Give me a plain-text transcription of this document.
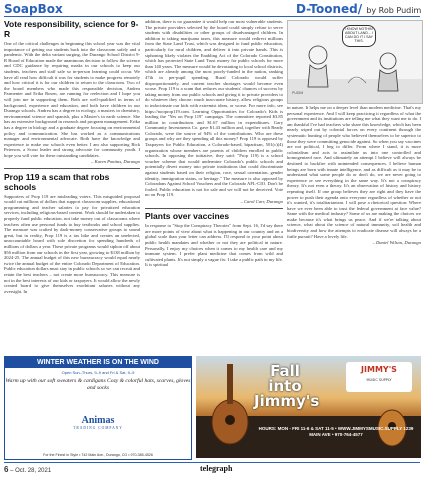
SoapBox	D-Tooned/ by Rob Pudim
Vote responsibility, science for 9-R

One of the critical challenges in beginning this school year was the vital importance of getting our students back into the classroom safely and a pandemic. With the delta variant surging, the Durango School District 9-R Board of Education made the unanimous decision to follow the science and CDC guidance by requiring masks in our schools to keep our students, teachers and staff safe so in-person learning could occur. We have all read how difficult it was for students to make progress remotely and how critical it is for our children to return to the classroom. Two of the board members who made this responsible decision, Andrea Parmenter and Erika Rosen, are running for reelection and I hope you will join me in supporting them. Both are well-qualified in terms of background, experience and education, and both have children in our Durango schools. Andrea has a degree in ecology, a masters in chemistry, environmental science and spanish, plus a Master's in earth science. She has an extensive background in research and program management. Erika has a degree in biology and a graduate degree focusing on environmental policy and communication. She has worked as a communications manager and environmental advocate. Both have the knowledge and experience to make our schools even better. I am also supporting Rick Peterson, a Scout leader and strong advocate for community youth. I hope you will vote for these outstanding candidates.

– Karen Pontius, Durango

Prop 119 a scam that robs schools

Supporters of Prop 119 are misleading voters. This misguided proposal would cut millions of dollars that support classroom supplies, educational programming and teacher salaries to pay for privatized education services, including religious-based content. Work should be undertaken to properly fund public education, not take money out of classrooms where teachers often use personal funds to buy textbooks and school supplies. The measure was crafted by dark-money conservative groups to sound great, but in reality, Prop 119 is a tax hike and creates an unelected, unaccountable board with sole discretion for spending hundreds of millions of dollars a year. These private programs would siphon off about $56 million from our schools in the first year, growing to $138 million by 2024-25. The annual budget of this new bureaucracy would equal nearly twice the annual budget of the entire Colorado Department of Education. Public education dollars must stay in public schools so we can recruit and retain the best teachers – not create more bureaucracy. This measure is not in the best interests of our kids or taxpayers. It would allow the newly created board to give themselves exorbitant salaries without any oversight. In

addition, there is no guarantee it would help our most vulnerable students. The private providers selected by the board could simply refuse to serve students with disabilities or other groups of disadvantaged children. In addition to taking marijuana taxes, this measure would redirect millions from the State Land Trust, which was designed to fund public education, particularly for rural children, and deliver it into private hands. This is siphoning likely violates the Enabling Act of the Colorado Constitution, which has protected State Land Trust money for public schools for more than 140 years. The measure would be devastating to local school districts, which are already among the most poorly-funded in the nation, ranking 47th in per-pupil spending. Rural Colorado would suffer disproportionately, and current teacher shortages would become even worse. Prop 119 is a scam that reduces our students' chances of success by taking money from our public schools and giving it to private providers to do whatever they choose: much inaccurate history, allow religious groups to indoctrinate our kids with extremist ideas, or worse. For more info, see https://nooprop119.com. Learning Opportunities for Colorado's Kids is leading the "Yes on Prop 119" campaign. The committee reported $3.85 million in contributions and $1.67 million in expenditures. Gary Community Investments Co. gave $1.43 million and, together with Ready Colorado, were the source of 94% of the contributions. Who are these groups and why are they spending all this money? Prop 119 is opposed by Taxpayers for Public Education, a Colorado-based, bipartisan, 501(c)(4) organization whose members are parents of children enrolled in public schools. In opposing the initiative, they said: "Prop 119) is a school voucher scheme that would undermine Colorado's public schools and potentially divert money into private institutions that could discriminate against students based on their religion, race, sexual orientation, gender identity, immigration status, or heritage." The measure is also opposed by Coloradans Against School Vouchers and the Colorado AFL-CIO. Don't be fooled. Public education is not for sale and we will not be deceived. Vote no on Prop 119.

– Carol Carr, Durango

Plants over vaccines

In response to "Stop the Conspiracy Theories" from Sept. 16, I'd say there are more points of view about what is happening in our country and on a global scale than your letter can address. I'll respond to your point about public health mandates and whether or not they are political in nature. Personally, I enjoy my choices when it comes to my health care and my immune system. I prefer plant medicine that comes from wild and cultivated plants. It's not simply a vague fix: I take a public path in my life. It is spiritual

I KNOW NOTHIN' ABOUT LAND... I CAN DO IT I SAY THIS.
PUDIM

in nature. It helps me on a deeper level than modern medicine. That's my personal experience. And I will keep practicing it regardless of what the government and its institutions are telling me what they want me to do. I am thankful I've had teachers who share this knowledge, which has been nearly wiped out by colonial forces on every continent through the systematic hunting of people who believed themselves to be superior to those they were committing genocide against. So when you say vaccines are not political, I beg to differ. From where I stand, it is more colonialism and acts to assimilate us into one controlled and homogenized race. And ultimately an attempt I believe will always be destined to backfire with unintended consequences. I believe human beings are born with innate intelligence, and as difficult as it may be to understand what some people do or don't do, we are never going to experience or see everything in the same way. It's not a conspiracy theory. It's not even a theory. It's an observation of history and history repeating itself. If one group believes they are right and they have the power to push their agenda onto everyone regardless of whether or not it's wanted, it's totalitarianism. I will pose a rhetorical question: Where have we ever been able to trust the federal government at face value? Same with the medical industry? Some of us are making the choices we make because it's what brings us peace. And if we're talking about science, what about the science of natural immunity, soil health and biodiversity and how the attempts to eradicate disease will always be a futile pursuit? Have a lovely life.

– Daniel Wilson, Durango

WINTER WEATHER IS ON THE WIND
Open Sun–Thurs, 9–9 and Fri & Sat, 9–9
Warm up with our soft sweaters & cardigans Cozy & colorful hats, scarves, gloves and socks
Animas
TRADING COMPANY
For the Finest in Style • 742 Main Ave., Durango, CO • 970-385-4526
Fall into Jimmy's
JIMMY'S
MUSIC SUPPLY
HOURS: MON - FRI 11-6 & SAT 11-5 • WWW.JIMMYSMUSIC.SUPPLY 1239 MAIN AVE • 970-764-4577
6 – Oct. 28, 2021	telegraph
